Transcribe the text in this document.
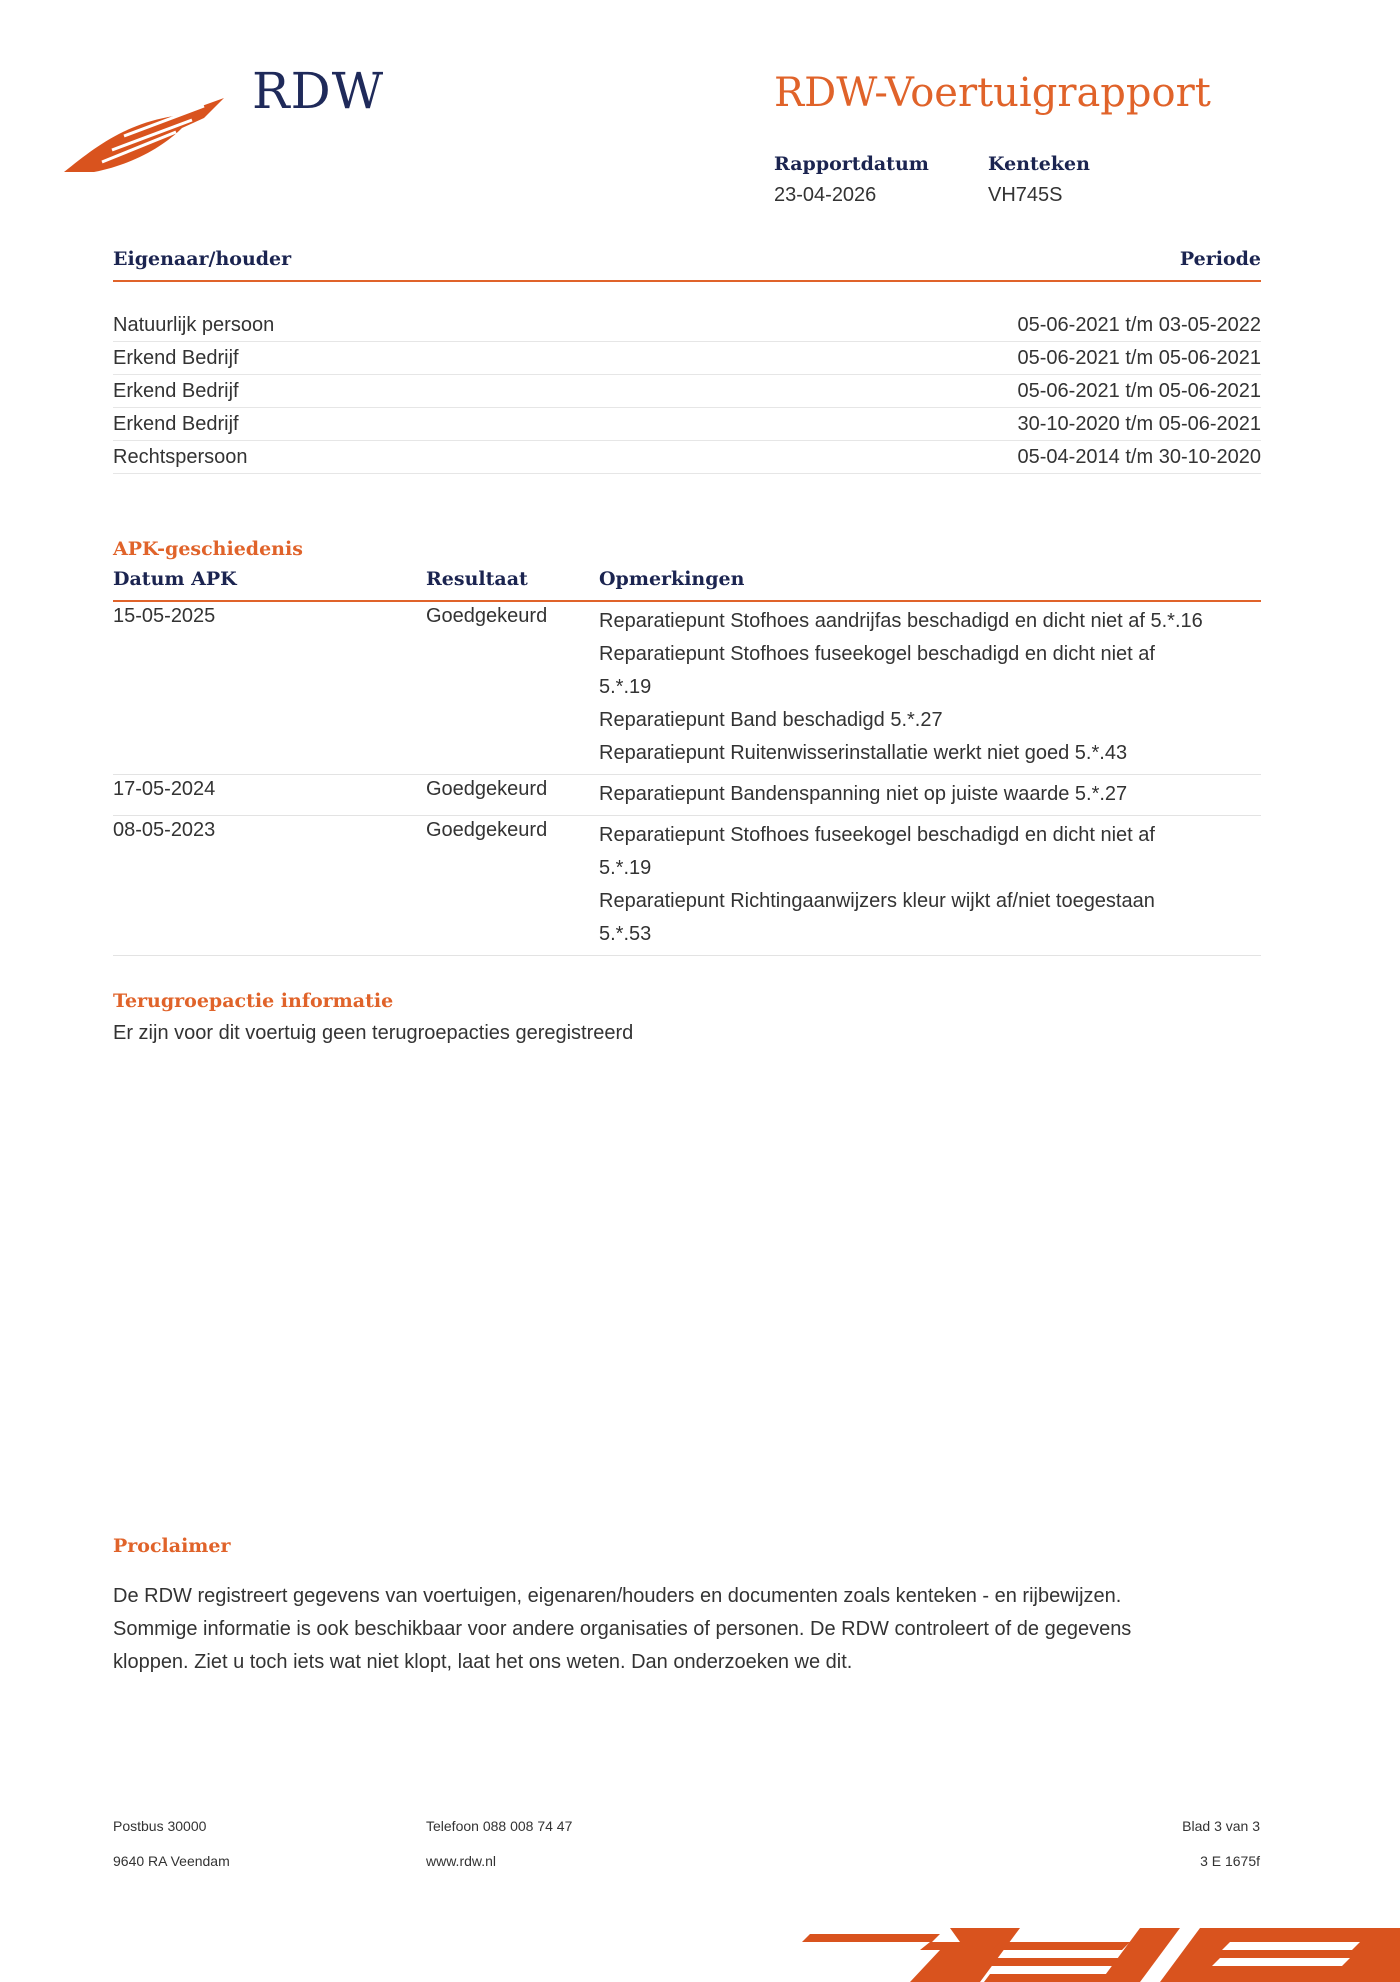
RDW	RDW-Voertuigrapport
Rapportdatum
23-04-2026
Kenteken
VH745S
Eigenaar/houder	Periode
Natuurlijk persoon	05-06-2021 t/m 03-05-2022
Erkend Bedrijf	05-06-2021 t/m 05-06-2021
Erkend Bedrijf	05-06-2021 t/m 05-06-2021
Erkend Bedrijf	30-10-2020 t/m 05-06-2021
Rechtspersoon	05-04-2014 t/m 30-10-2020
APK-geschiedenis
Datum APK	Resultaat	Opmerkingen
15-05-2025	Goedgekeurd	Reparatiepunt Stofhoes aandrijfas beschadigd en dicht niet af 5.*.16
Reparatiepunt Stofhoes fuseekogel beschadigd en dicht niet af
5.*.19
Reparatiepunt Band beschadigd 5.*.27
Reparatiepunt Ruitenwisserinstallatie werkt niet goed 5.*.43
17-05-2024	Goedgekeurd	Reparatiepunt Bandenspanning niet op juiste waarde 5.*.27
08-05-2023	Goedgekeurd	Reparatiepunt Stofhoes fuseekogel beschadigd en dicht niet af
5.*.19
Reparatiepunt Richtingaanwijzers kleur wijkt af/niet toegestaan
5.*.53
Terugroepactie informatie
Er zijn voor dit voertuig geen terugroepacties geregistreerd
Proclaimer
De RDW registreert gegevens van voertuigen, eigenaren/houders en documenten zoals kenteken - en rijbewijzen.
Sommige informatie is ook beschikbaar voor andere organisaties of personen. De RDW controleert of de gegevens
kloppen. Ziet u toch iets wat niet klopt, laat het ons weten. Dan onderzoeken we dit.
Postbus 30000
9640 RA Veendam
Telefoon 088 008 74 47
www.rdw.nl
Blad 3 van 3
3 E 1675f
